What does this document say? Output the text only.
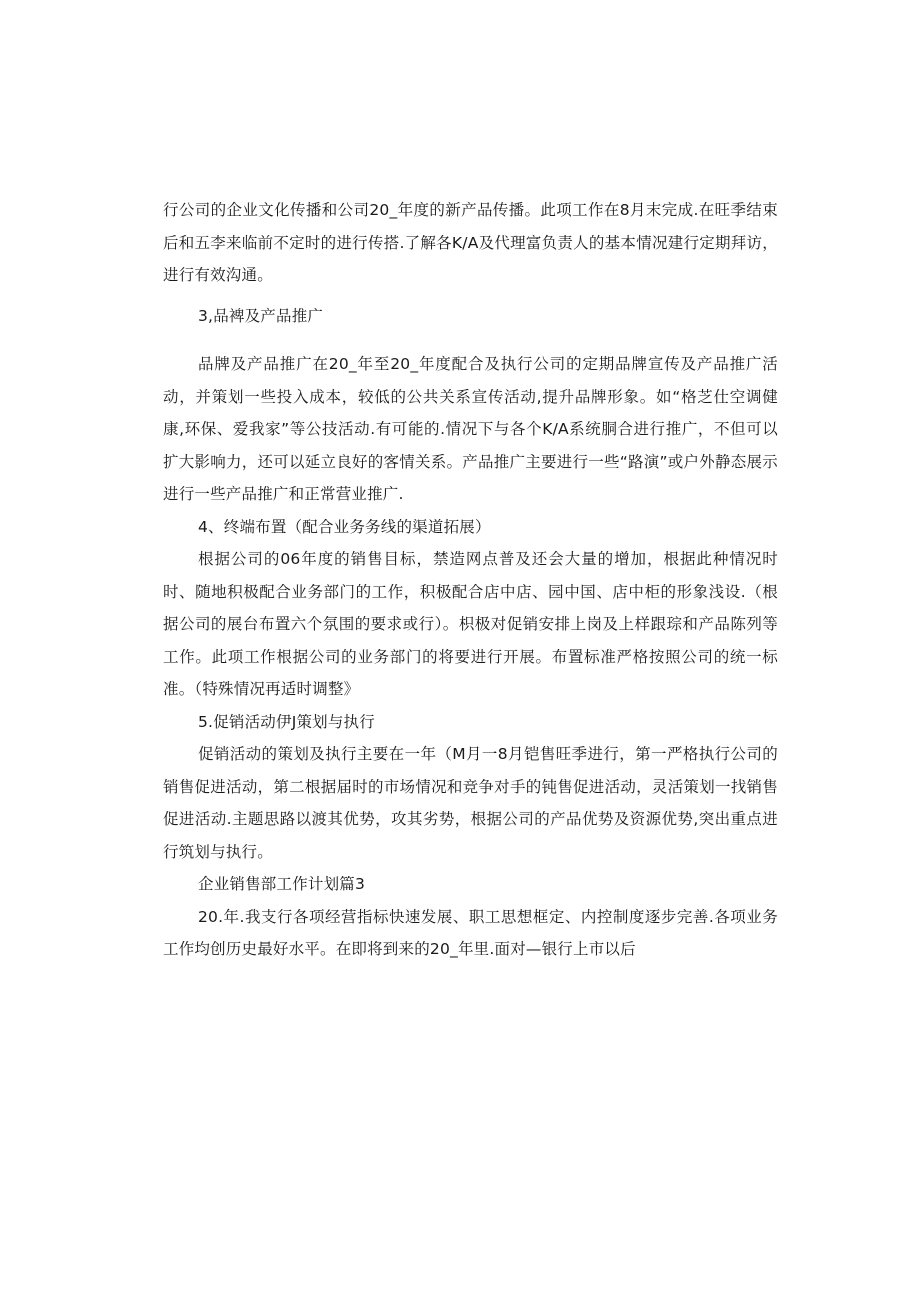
行公司的企业文化传播和公司20_年度的新产品传播。此项工作在8月末完成.在旺季结束后和五李来临前不定时的进行传搭.了解各K/A及代理富负责人的基本情况建行定期拜访，进行有效沟通。

3,品裨及产品推广

品牌及产品推广在20_年至20_年度配合及执行公司的定期品牌宣传及产品推广活动，并策划一些投入成本，较低的公共关系宣传活动,提升品牌形象。如“格芝仕空调健康,环保、爱我家”等公技活动.有可能的.情况下与各个K/A系统胴合进行推广，不但可以扩大影响力，还可以延立良好的客情关系。产品推广主要进行一些“路演”或户外静态展示进行一些产品推广和正常营业推广.

4、终端布置（配合业务务线的渠道拓展）

根据公司的06年度的销售目标，禁造网点普及还会大量的增加，根据此种情况时时、随地积极配合业务部门的工作，积极配合店中店、园中国、店中柜的形象浅设.（根据公司的展台布置六个氛围的要求或行）。枳极对促销安排上岗及上样跟琮和产品陈列等工作。此项工作根据公司的业务部门的将要进行开展。布置标准严格按照公司的统一标准。（特殊情况再适时调整》

5.促销活动伊J策划与执行

促销活动的策划及执行主要在一年（M月一8月铠售旺季进行，第一严格执行公司的销售促进活动，第二根据届时的市场情况和竞争对手的钝售促进活动，灵活策划一找销售促进活动.主题思路以渡其优势，攻其劣势，根据公司的产品优势及资源优势,突出重点进行筑划与执行。

企业销售部工作计划篇3

20.年.我支行各项经营指标快速发展、职工思想框定、内控制度逐步完善.各项业务工作均创历史最好水平。在即将到来的20_年里.面对—银行上市以后
